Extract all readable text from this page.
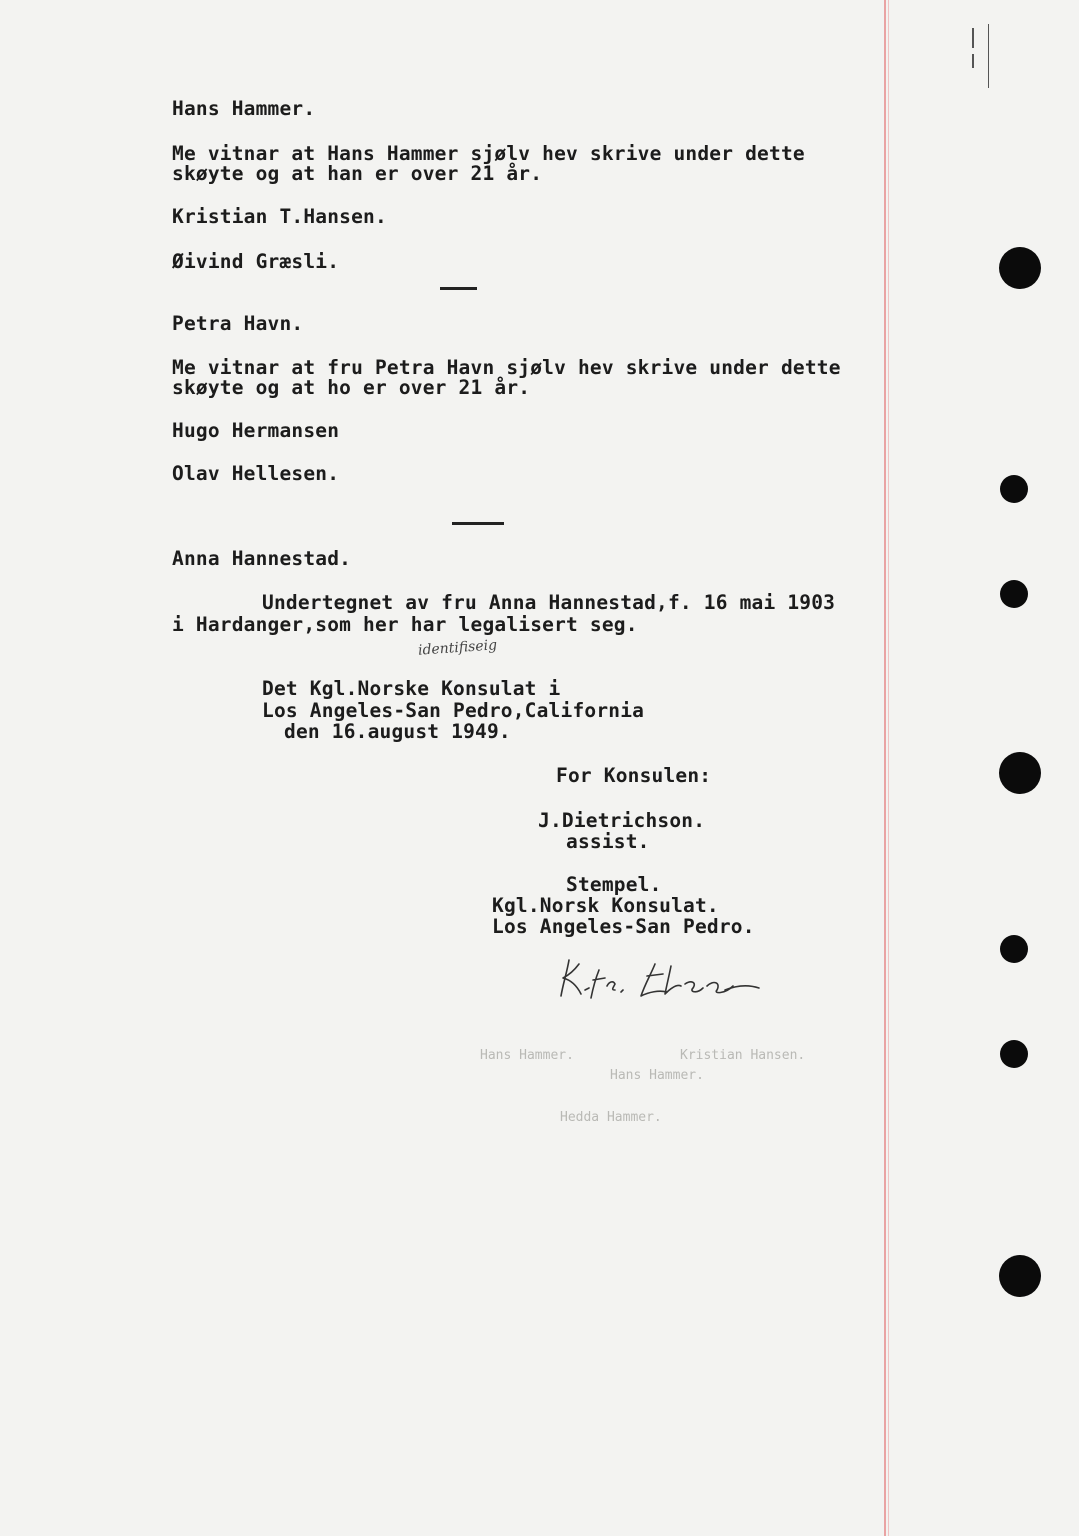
Hans Hammer.	Kristian Hansen.
Hans Hammer.
Hedda Hammer.
Hans Hammer.
Me vitnar at Hans Hammer sjølv hev skrive under dette
skøyte og at han er over 21 år.
Kristian T.Hansen.
Øivind Græsli.
Petra Havn.
Me vitnar at fru Petra Havn sjølv hev skrive under dette
skøyte og at ho er over 21 år.
Hugo Hermansen
Olav Hellesen.
Anna Hannestad.
Undertegnet av fru Anna Hannestad,f. 16 mai 1903
i Hardanger,som her har legalisert seg.
identifiseig
Det Kgl.Norske Konsulat i
Los Angeles-San Pedro,California
den 16.august 1949.
For Konsulen:
J.Dietrichson.
assist.
Stempel.
Kgl.Norsk Konsulat.
Los Angeles-San Pedro.
